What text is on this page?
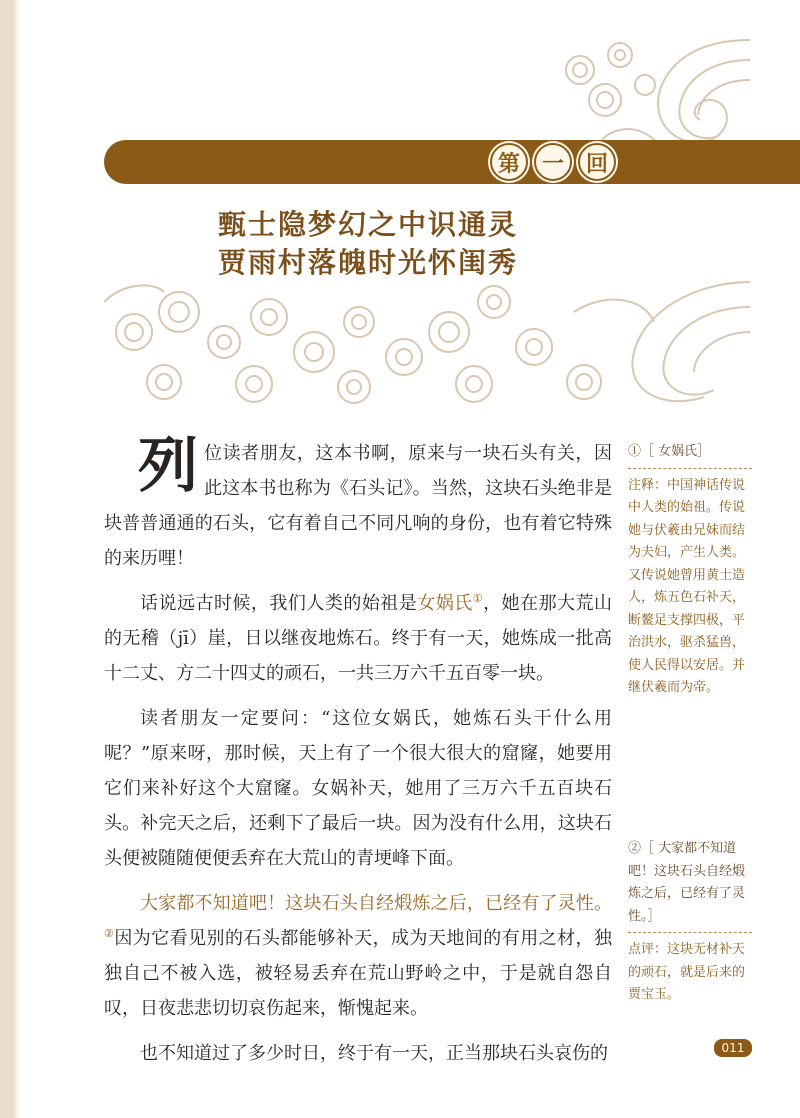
第 一 回
甄士隐梦幻之中识通灵
贾雨村落魄时光怀闺秀

列位读者朋友，这本书啊，原来与一块石头有关，因此这本书也称为《石头记》。当然，这块石头绝非是块普普通通的石头，它有着自己不同凡响的身份，也有着它特殊的来历哩！

话说远古时候，我们人类的始祖是女娲氏①，她在那大荒山的无稽（jī）崖，日以继夜地炼石。终于有一天，她炼成一批高十二丈、方二十四丈的顽石，一共三万六千五百零一块。

读者朋友一定要问：“这位女娲氏，她炼石头干什么用呢？”原来呀，那时候，天上有了一个很大很大的窟窿，她要用它们来补好这个大窟窿。女娲补天，她用了三万六千五百块石头。补完天之后，还剩下了最后一块。因为没有什么用，这块石头便被随随便便丢弃在大荒山的青埂峰下面。

大家都不知道吧！这块石头自经煅炼之后，已经有了灵性。②因为它看见别的石头都能够补天，成为天地间的有用之材，独独自己不被入选，被轻易丢弃在荒山野岭之中，于是就自怨自叹，日夜悲悲切切哀伤起来，惭愧起来。

也不知道过了多少时日，终于有一天，正当那块石头哀伤的

①［ 女娲氏］

注释：中国神话传说中人类的始祖。传说她与伏羲由兄妹而结为夫妇，产生人类。又传说她曾用黄土造人，炼五色石补天，断鳌足支撑四极，平治洪水，驱杀猛兽，使人民得以安居。并继伏羲而为帝。

②［ 大家都不知道吧！这块石头自经煅炼之后，已经有了灵性。］

点评：这块无材补天的顽石，就是后来的贾宝玉。

011
